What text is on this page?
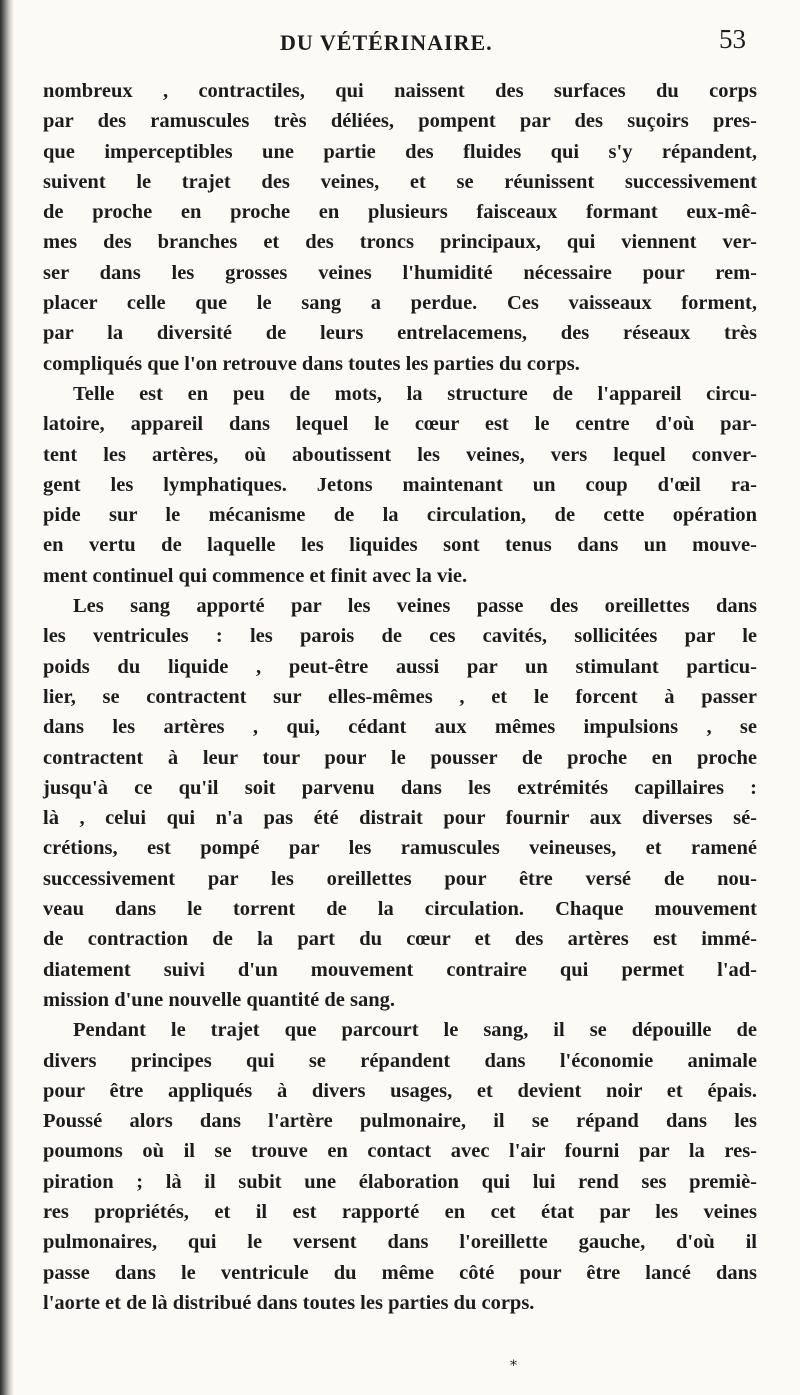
DU VÉTÉRINAIRE.	53
nombreux , contractiles, qui naissent des surfaces du corps
par des ramuscules très déliées, pompent par des suçoirs pres-
que imperceptibles une partie des fluides qui s'y répandent,
suivent le trajet des veines, et se réunissent successivement
de proche en proche en plusieurs faisceaux formant eux-mê-
mes des branches et des troncs principaux, qui viennent ver-
ser dans les grosses veines l'humidité nécessaire pour rem-
placer celle que le sang a perdue. Ces vaisseaux forment,
par la diversité de leurs entrelacemens, des réseaux très
compliqués que l'on retrouve dans toutes les parties du corps.
Telle est en peu de mots, la structure de l'appareil circu-
latoire, appareil dans lequel le cœur est le centre d'où par-
tent les artères, où aboutissent les veines, vers lequel conver-
gent les lymphatiques. Jetons maintenant un coup d'œil ra-
pide sur le mécanisme de la circulation, de cette opération
en vertu de laquelle les liquides sont tenus dans un mouve-
ment continuel qui commence et finit avec la vie.
Les sang apporté par les veines passe des oreillettes dans
les ventricules : les parois de ces cavités, sollicitées par le
poids du liquide , peut-être aussi par un stimulant particu-
lier, se contractent sur elles-mêmes , et le forcent à passer
dans les artères , qui, cédant aux mêmes impulsions , se
contractent à leur tour pour le pousser de proche en proche
jusqu'à ce qu'il soit parvenu dans les extrémités capillaires :
là , celui qui n'a pas été distrait pour fournir aux diverses sé-
crétions, est pompé par les ramuscules veineuses, et ramené
successivement par les oreillettes pour être versé de nou-
veau dans le torrent de la circulation. Chaque mouvement
de contraction de la part du cœur et des artères est immé-
diatement suivi d'un mouvement contraire qui permet l'ad-
mission d'une nouvelle quantité de sang.
Pendant le trajet que parcourt le sang, il se dépouille de
divers principes qui se répandent dans l'économie animale
pour être appliqués à divers usages, et devient noir et épais.
Poussé alors dans l'artère pulmonaire, il se répand dans les
poumons où il se trouve en contact avec l'air fourni par la res-
piration ; là il subit une élaboration qui lui rend ses premiè-
res propriétés, et il est rapporté en cet état par les veines
pulmonaires, qui le versent dans l'oreillette gauche, d'où il
passe dans le ventricule du même côté pour être lancé dans
l'aorte et de là distribué dans toutes les parties du corps.
*
